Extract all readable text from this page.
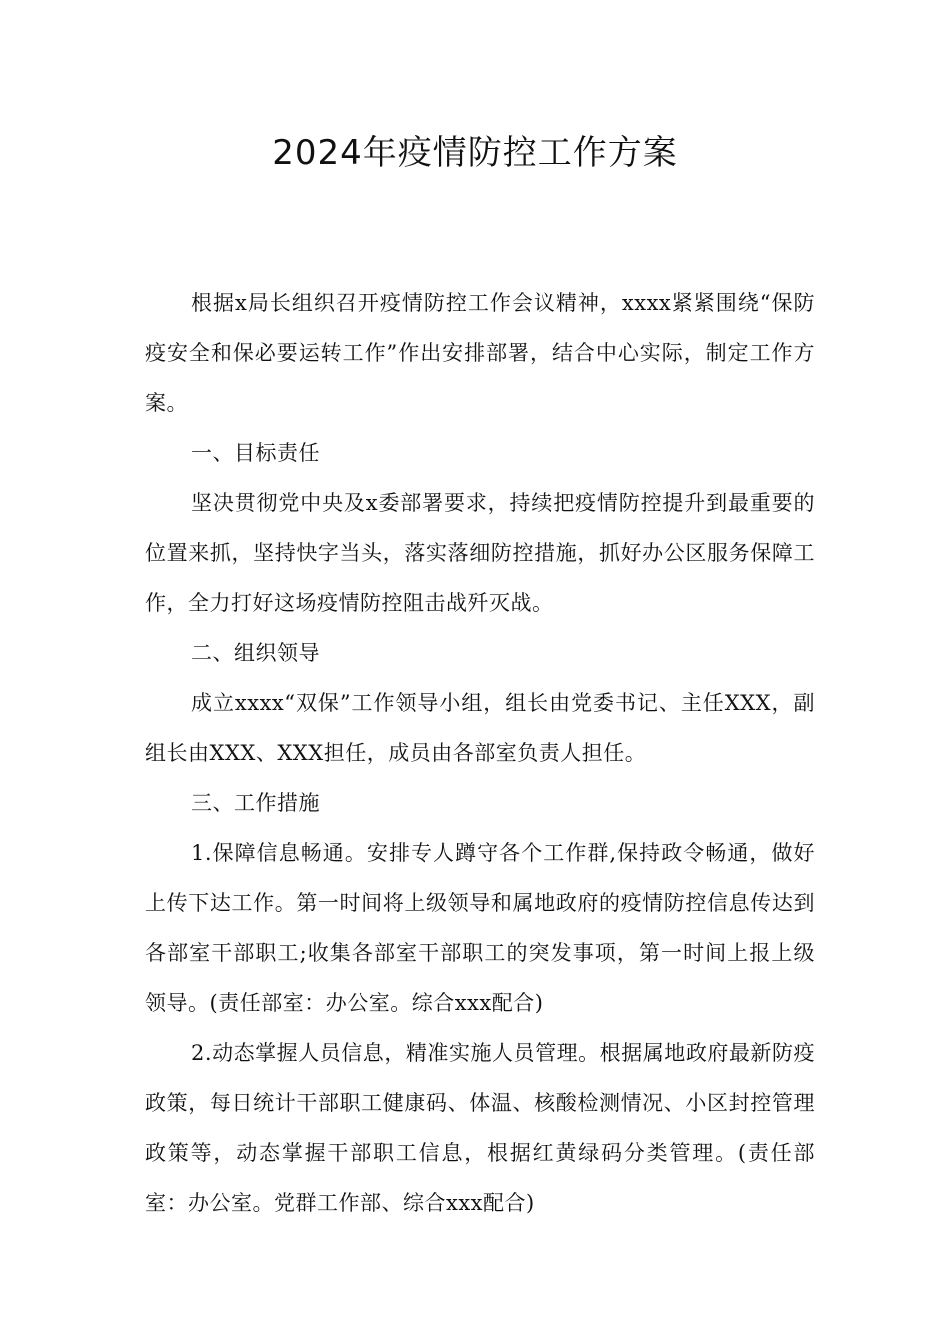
2024年疫情防控工作方案

根据x局长组织召开疫情防控工作会议精神，xxxx紧紧围绕“保防疫安全和保必要运转工作”作出安排部署，结合中心实际，制定工作方案。

一、目标责任

坚决贯彻党中央及x委部署要求，持续把疫情防控提升到最重要的位置来抓，坚持快字当头，落实落细防控措施，抓好办公区服务保障工作，全力打好这场疫情防控阻击战歼灭战。

二、组织领导

成立xxxx“双保”工作领导小组，组长由党委书记、主任XXX，副组长由XXX、XXX担任，成员由各部室负责人担任。

三、工作措施

1.保障信息畅通。安排专人蹲守各个工作群,保持政令畅通，做好上传下达工作。第一时间将上级领导和属地政府的疫情防控信息传达到各部室干部职工;收集各部室干部职工的突发事项，第一时间上报上级领导。(责任部室：办公室。综合xxx配合)

2.动态掌握人员信息，精准实施人员管理。根据属地政府最新防疫政策，每日统计干部职工健康码、体温、核酸检测情况、小区封控管理政策等，动态掌握干部职工信息，根据红黄绿码分类管理。(责任部室：办公室。党群工作部、综合xxx配合)
